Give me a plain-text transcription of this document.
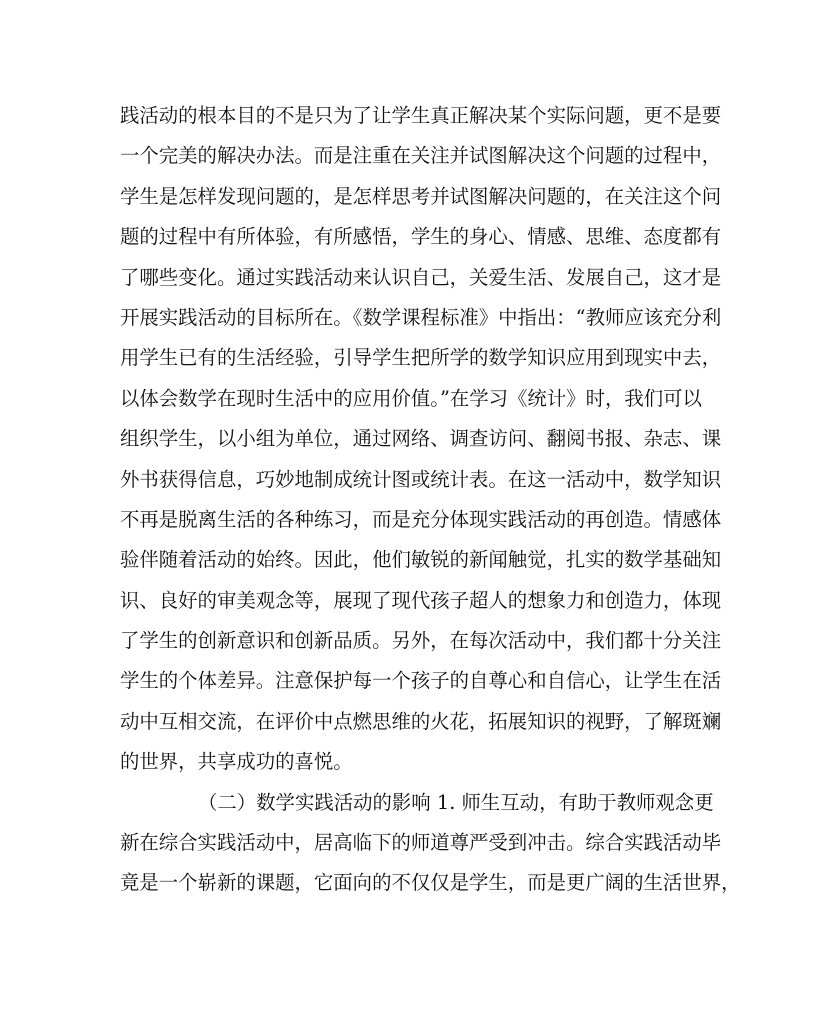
践活动的根本目的不是只为了让学生真正解决某个实际问题，更不是要
一个完美的解决办法。而是注重在关注并试图解决这个问题的过程中，
学生是怎样发现问题的，是怎样思考并试图解决问题的，在关注这个问
题的过程中有所体验，有所感悟，学生的身心、情感、思维、态度都有
了哪些变化。通过实践活动来认识自己，关爱生活、发展自己，这才是
开展实践活动的目标所在。《数学课程标准》中指出：“教师应该充分利
用学生已有的生活经验，引导学生把所学的数学知识应用到现实中去，
以体会数学在现时生活中的应用价值。”在学习《统计》时，我们可以
组织学生，以小组为单位，通过网络、调查访问、翻阅书报、杂志、课
外书获得信息，巧妙地制成统计图或统计表。在这一活动中，数学知识
不再是脱离生活的各种练习，而是充分体现实践活动的再创造。情感体
验伴随着活动的始终。因此，他们敏锐的新闻触觉，扎实的数学基础知
识、良好的审美观念等，展现了现代孩子超人的想象力和创造力，体现
了学生的创新意识和创新品质。另外，在每次活动中，我们都十分关注
学生的个体差异。注意保护每一个孩子的自尊心和自信心，让学生在活
动中互相交流，在评价中点燃思维的火花，拓展知识的视野，了解斑斓
的世界，共享成功的喜悦。
（二）数学实践活动的影响 1. 师生互动，有助于教师观念更
新在综合实践活动中，居高临下的师道尊严受到冲击。综合实践活动毕
竟是一个崭新的课题，它面向的不仅仅是学生，而是更广阔的生活世界，
